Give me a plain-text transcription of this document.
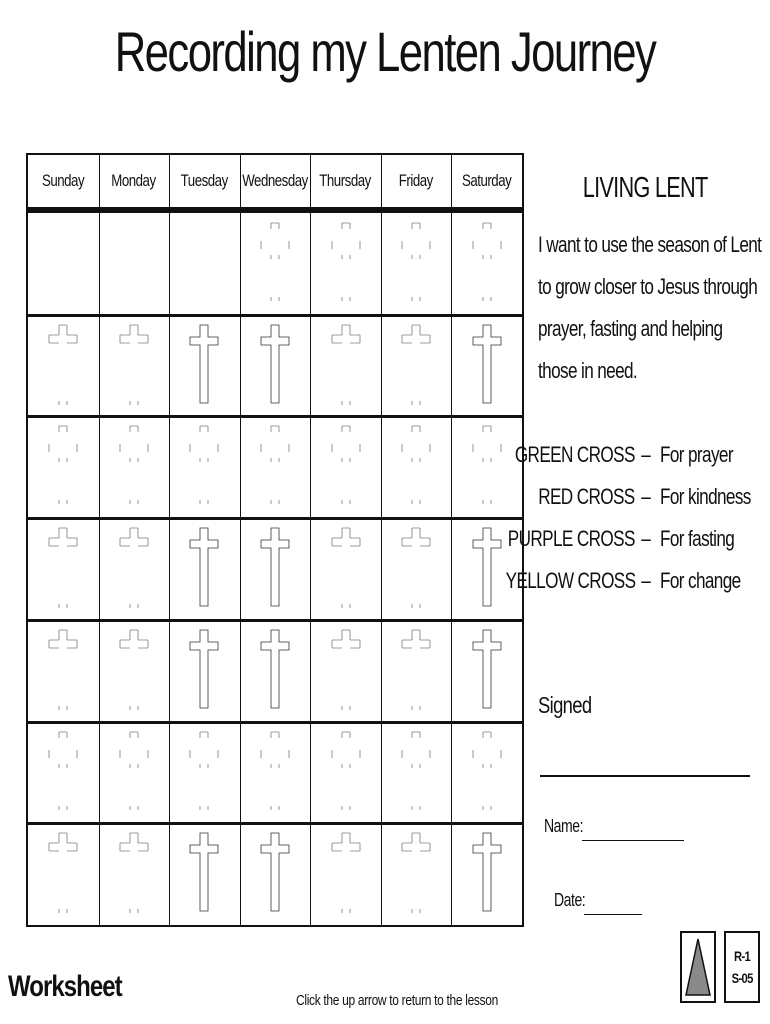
Recording my Lenten Journey
Sunday Monday Tuesday Wednesday Thursday Friday Saturday	LIVING LENT
I want to use the season of Lent
to grow closer to Jesus through
prayer, fasting and helping
those in need.
GREEN CROSS – For prayer
RED CROSS – For kindness
PURPLE CROSS – For fasting
YELLOW CROSS – For change
Signed
Name:
Date:
Worksheet	Click the up arrow to return to the lesson
R-1
S-05
